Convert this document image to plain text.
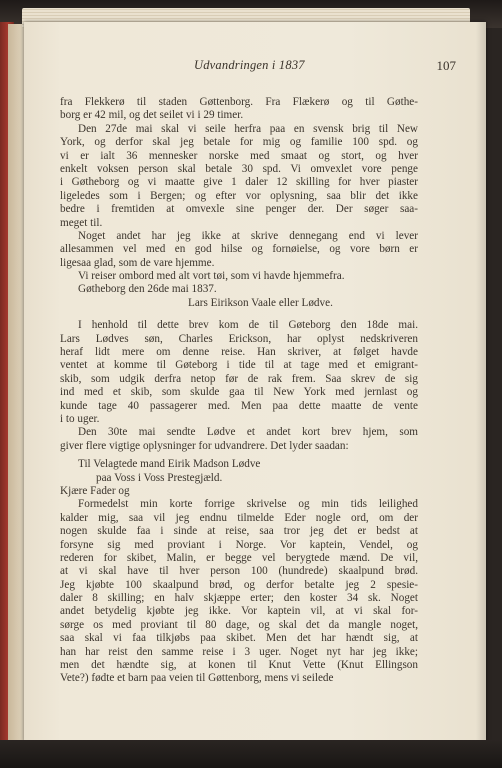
Udvandringen i 1837	107
fra Flekkerø til staden Gøttenborg. Fra Flækerø og til Gøthe-
borg er 42 mil, og det seilet vi i 29 timer.
Den 27de mai skal vi seile herfra paa en svensk brig til New
York, og derfor skal jeg betale for mig og familie 100 spd. og
vi er ialt 36 mennesker norske med smaat og stort, og hver
enkelt voksen person skal betale 30 spd. Vi omvexlet vore penge
i Gøtheborg og vi maatte give 1 daler 12 skilling for hver piaster
ligeledes som i Bergen; og efter vor oplysning, saa blir det ikke
bedre i fremtiden at omvexle sine penger der. Der søger saa-
meget til.
Noget andet har jeg ikke at skrive dennegang end vi lever
allesammen vel med en god hilse og fornøielse, og vore børn er
ligesaa glad, som de vare hjemme.
Vi reiser ombord med alt vort tøi, som vi havde hjemmefra.
Gøtheborg den 26de mai 1837.
Lars Eirikson Vaale eller Lødve.
I henhold til dette brev kom de til Gøteborg den 18de mai.
Lars Lødves søn, Charles Erickson, har oplyst nedskriveren
heraf lidt mere om denne reise. Han skriver, at følget havde
ventet at komme til Gøteborg i tide til at tage med et emigrant-
skib, som udgik derfra netop før de rak frem. Saa skrev de sig
ind med et skib, som skulde gaa til New York med jernlast og
kunde tage 40 passagerer med. Men paa dette maatte de vente
i to uger.
Den 30te mai sendte Lødve et andet kort brev hjem, som
giver flere vigtige oplysninger for udvandrere. Det lyder saadan:
Til Velagtede mand Eirik Madson Lødve
paa Voss i Voss Prestegjæld.
Kjære Fader og
Formedelst min korte forrige skrivelse og min tids leilighed
kalder mig, saa vil jeg endnu tilmelde Eder nogle ord, om der
nogen skulde faa i sinde at reise, saa tror jeg det er bedst at
forsyne sig med proviant i Norge. Vor kaptein, Vendel, og
rederen for skibet, Malin, er begge vel berygtede mænd. De vil,
at vi skal have til hver person 100 (hundrede) skaalpund brød.
Jeg kjøbte 100 skaalpund brød, og derfor betalte jeg 2 spesie-
daler 8 skilling; en halv skjæppe erter; den koster 34 sk. Noget
andet betydelig kjøbte jeg ikke. Vor kaptein vil, at vi skal for-
sørge os med proviant til 80 dage, og skal det da mangle noget,
saa skal vi faa tilkjøbs paa skibet. Men det har hændt sig, at
han har reist den samme reise i 3 uger. Noget nyt har jeg ikke;
men det hændte sig, at konen til Knut Vette (Knut Ellingson
Vete?) fødte et barn paa veien til Gøttenborg, mens vi seilede
